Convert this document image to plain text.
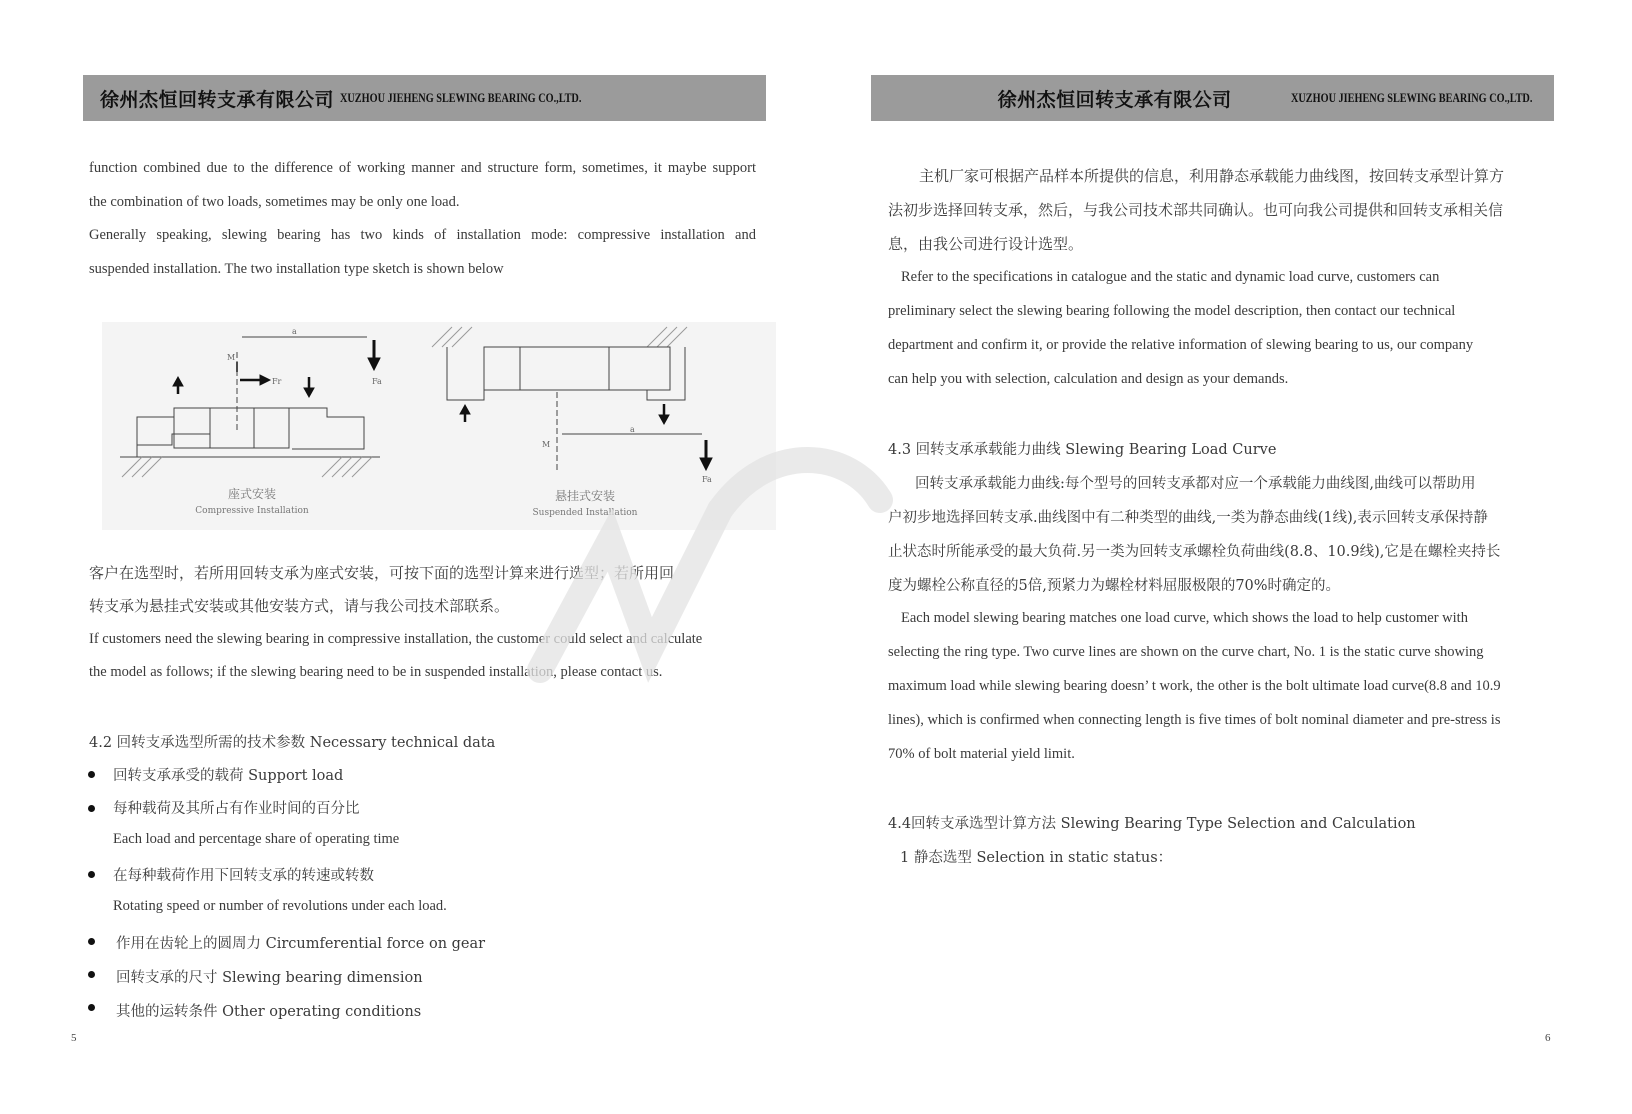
徐州杰恒回转支承有限公司 XUZHOU JIEHENG SLEWING BEARING CO.,LTD.	徐州杰恒回转支承有限公司	XUZHOU JIEHENG SLEWING BEARING CO.,LTD.
function combined due to the difference of working manner and structure form, sometimes, it maybe support
the combination of two loads, sometimes may be only one load.
Generally speaking, slewing bearing has two kinds of installation mode: compressive installation and
suspended installation. The two installation type sketch is shown below
a
M
Fr	Fa
a
M
Fa
座式安装
Compressive Installation
悬挂式安装
Suspended Installation
客户在选型时，若所用回转支承为座式安装，可按下面的选型计算来进行选型；若所用回
转支承为悬挂式安装或其他安装方式，请与我公司技术部联系。
If customers need the slewing bearing in compressive installation, the customer could select and calculate
the model as follows; if the slewing bearing need to be in suspended installation, please contact us.
4.2 回转支承选型所需的技术参数 Necessary technical data
回转支承承受的载荷 Support load
每种载荷及其所占有作业时间的百分比
Each load and percentage share of operating time
在每种载荷作用下回转支承的转速或转数
Rotating speed or number of revolutions under each load.
作用在齿轮上的圆周力 Circumferential force on gear
回转支承的尺寸 Slewing bearing dimension
其他的运转条件 Other operating conditions
5
主机厂家可根据产品样本所提供的信息，利用静态承载能力曲线图，按回转支承型计算方
法初步选择回转支承，然后，与我公司技术部共同确认。也可向我公司提供和回转支承相关信
息，由我公司进行设计选型。
Refer to the specifications in catalogue and the static and dynamic load curve, customers can
preliminary select the slewing bearing following the model description, then contact our technical
department and confirm it, or provide the relative information of slewing bearing to us, our company
can help you with selection, calculation and design as your demands.
4.3 回转支承承载能力曲线 Slewing Bearing Load Curve
回转支承承载能力曲线:每个型号的回转支承都对应一个承载能力曲线图,曲线可以帮助用
户初步地选择回转支承.曲线图中有二种类型的曲线,一类为静态曲线(1线),表示回转支承保持静
止状态时所能承受的最大负荷.另一类为回转支承螺栓负荷曲线(8.8、10.9线),它是在螺栓夹持长
度为螺栓公称直径的5倍,预紧力为螺栓材料屈服极限的70%时确定的。
Each model slewing bearing matches one load curve, which shows the load to help customer with
selecting the ring type. Two curve lines are shown on the curve chart, No. 1 is the static curve showing
maximum load while slewing bearing doesn’ t work, the other is the bolt ultimate load curve(8.8 and 10.9
lines), which is confirmed when connecting length is five times of bolt nominal diameter and pre-stress is
70% of bolt material yield limit.
4.4回转支承选型计算方法 Slewing Bearing Type Selection and Calculation
1 静态选型 Selection in static status：
6
